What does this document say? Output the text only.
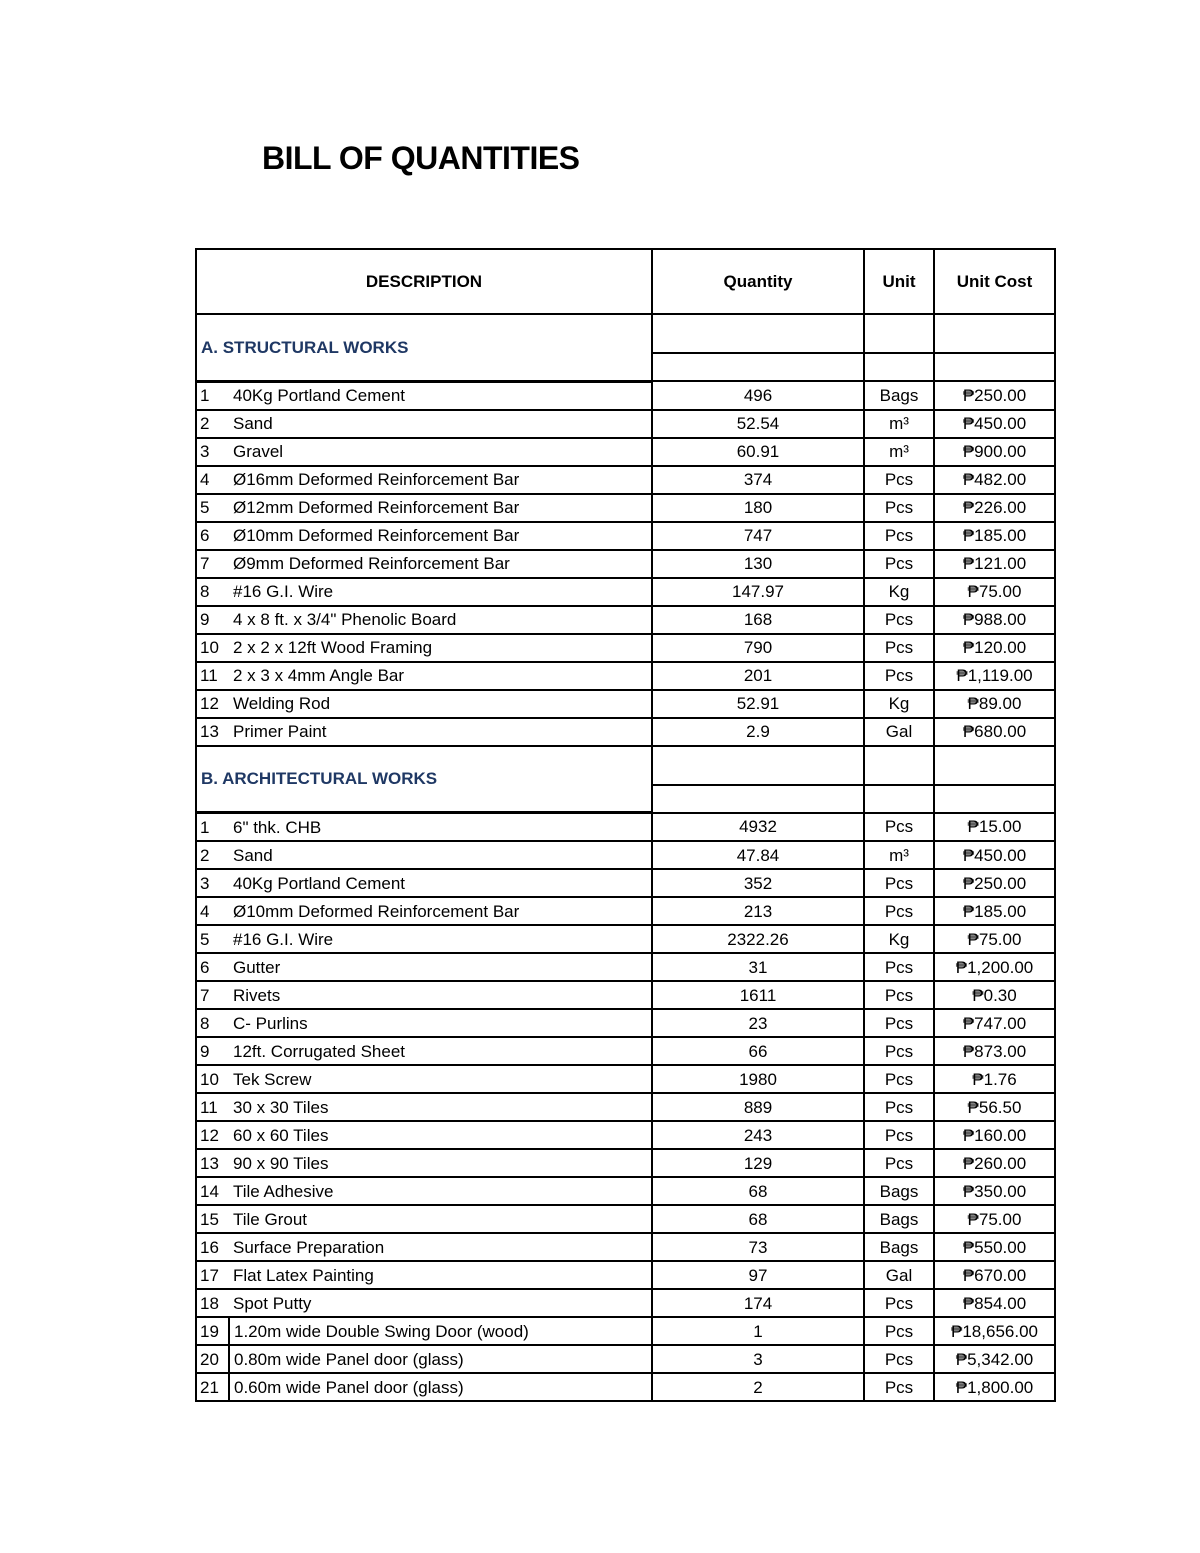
BILL OF QUANTITIES
DESCRIPTION		Quantity	Unit	Unit Cost
A. STRUCTURAL WORKS				

1	40Kg Portland Cement	496	Bags	₱250.00
2	Sand	52.54	m³	₱450.00
3	Gravel	60.91	m³	₱900.00
4	Ø16mm Deformed Reinforcement Bar	374	Pcs	₱482.00
5	Ø12mm Deformed Reinforcement Bar	180	Pcs	₱226.00
6	Ø10mm Deformed Reinforcement Bar	747	Pcs	₱185.00
7	Ø9mm Deformed Reinforcement Bar	130	Pcs	₱121.00
8	#16 G.I. Wire	147.97	Kg	₱75.00
9	4 x 8 ft. x 3/4" Phenolic Board	168	Pcs	₱988.00
10	2 x 2 x 12ft Wood Framing	790	Pcs	₱120.00
11	2 x 3 x 4mm Angle Bar	201	Pcs	₱1,119.00
12	Welding Rod	52.91	Kg	₱89.00
13	Primer Paint	2.9	Gal	₱680.00
B. ARCHITECTURAL WORKS				

1	6" thk. CHB	4932	Pcs	₱15.00
2	Sand	47.84	m³	₱450.00
3	40Kg Portland Cement	352	Pcs	₱250.00
4	Ø10mm Deformed Reinforcement Bar	213	Pcs	₱185.00
5	#16 G.I. Wire	2322.26	Kg	₱75.00
6	Gutter	31	Pcs	₱1,200.00
7	Rivets	1611	Pcs	₱0.30
8	C- Purlins	23	Pcs	₱747.00
9	12ft. Corrugated Sheet	66	Pcs	₱873.00
10	Tek Screw	1980	Pcs	₱1.76
11	30 x 30 Tiles	889	Pcs	₱56.50
12	60 x 60 Tiles	243	Pcs	₱160.00
13	90 x 90 Tiles	129	Pcs	₱260.00
14	Tile Adhesive	68	Bags	₱350.00
15	Tile Grout	68	Bags	₱75.00
16	Surface Preparation	73	Bags	₱550.00
17	Flat Latex Painting	97	Gal	₱670.00
18	Spot Putty	174	Pcs	₱854.00
19	1.20m wide Double Swing Door (wood)	1	Pcs	₱18,656.00
20	0.80m wide Panel door (glass)	3	Pcs	₱5,342.00
21	0.60m wide Panel door (glass)	2	Pcs	₱1,800.00
